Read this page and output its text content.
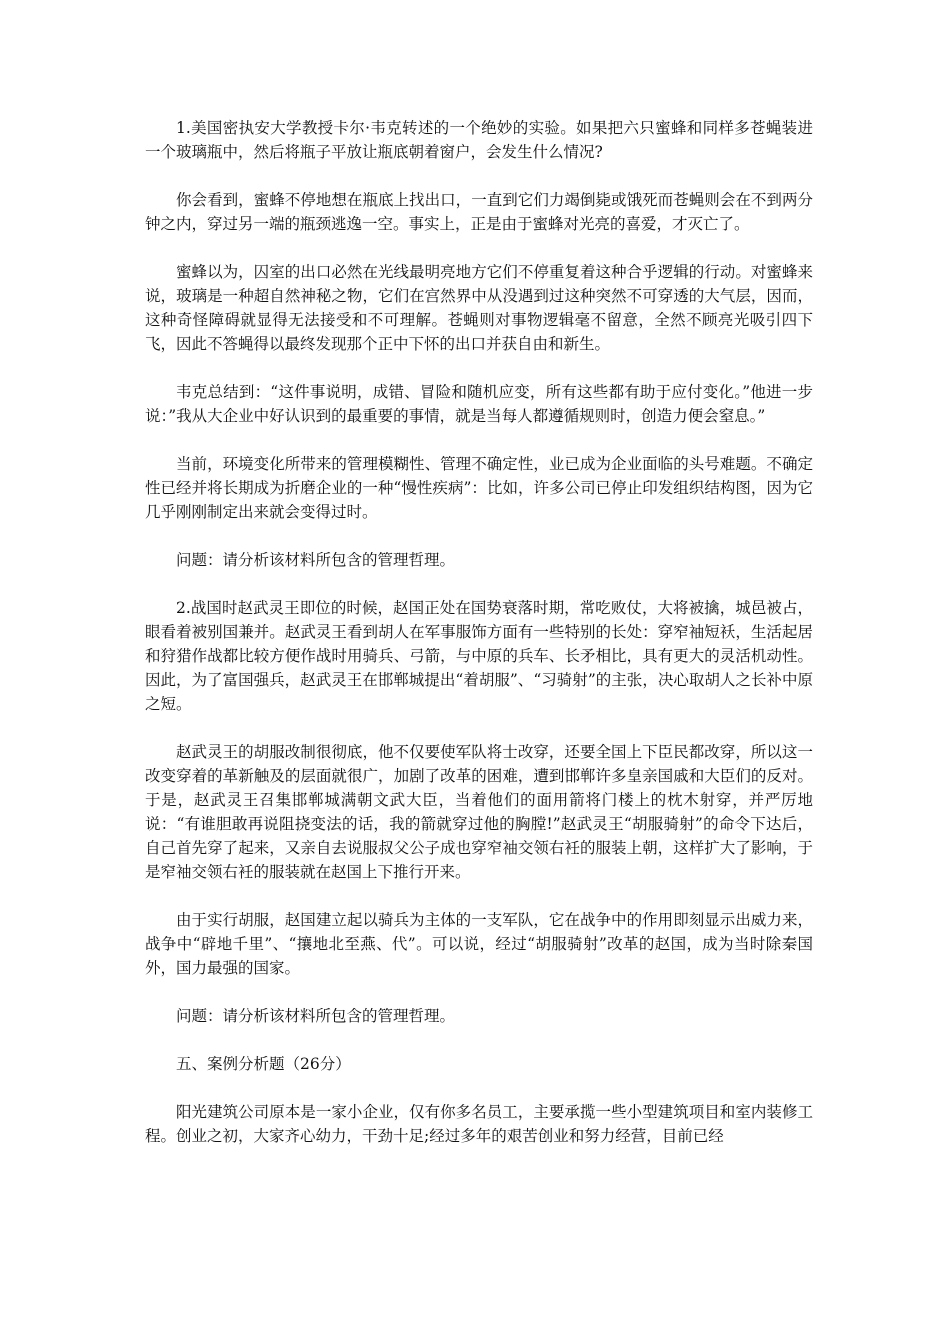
1.美国密执安大学教授卡尔·韦克转述的一个绝妙的实验。如果把六只蜜蜂和同样多苍蝇装进一个玻璃瓶中，然后将瓶子平放让瓶底朝着窗户，会发生什么情况?

你会看到，蜜蜂不停地想在瓶底上找出口，一直到它们力竭倒毙或饿死而苍蝇则会在不到两分钟之内，穿过另一端的瓶颈逃逸一空。事实上，正是由于蜜蜂对光亮的喜爱，才灭亡了。

蜜蜂以为，囚室的出口必然在光线最明亮地方它们不停重复着这种合乎逻辑的行动。对蜜蜂来说，玻璃是一种超自然神秘之物，它们在宫然界中从没遇到过这种突然不可穿透的大气层，因而，这种奇怪障碍就显得无法接受和不可理解。苍蝇则对事物逻辑毫不留意，全然不顾亮光吸引四下飞，因此不答蝇得以最终发现那个正中下怀的出口并获自由和新生。

韦克总结到：“这件事说明，成错、冒险和随机应变，所有这些都有助于应付变化。”他进一步说：”我从大企业中好认识到的最重要的事情，就是当每人都遵循规则时，创造力便会窒息。”

当前，环境变化所带来的管理模糊性、管理不确定性，业已成为企业面临的头号难题。不确定性已经并将长期成为折磨企业的一种“慢性疾病”：比如，许多公司已停止印发组织结构图，因为它几乎刚刚制定出来就会变得过时。

问题：请分析该材料所包含的管理哲理。

2.战国时赵武灵王即位的时候，赵国正处在国势衰落时期，常吃败仗，大将被擒，城邑被占，眼看着被别国兼并。赵武灵王看到胡人在军事服饰方面有一些特别的长处：穿窄袖短袄，生活起居和狩猎作战都比较方便作战时用骑兵、弓箭，与中原的兵车、长矛相比，具有更大的灵活机动性。因此，为了富国强兵，赵武灵王在邯郸城提出“着胡服”、“习骑射”的主张，决心取胡人之长补中原之短。

赵武灵王的胡服改制很彻底，他不仅要使军队将士改穿，还要全国上下臣民都改穿，所以这一改变穿着的革新触及的层面就很广，加剧了改革的困难，遭到邯郸许多皇亲国戚和大臣们的反对。于是，赵武灵王召集邯郸城满朝文武大臣，当着他们的面用箭将门楼上的枕木射穿，并严厉地说：“有谁胆敢再说阻挠变法的话，我的箭就穿过他的胸膛!”赵武灵王“胡服骑射”的命令下达后，自己首先穿了起来，又亲自去说服叔父公子成也穿窄袖交领右衽的服装上朝，这样扩大了影响，于是窄袖交领右衽的服装就在赵国上下推行开来。

由于实行胡服，赵国建立起以骑兵为主体的一支军队，它在战争中的作用即刻显示出威力来，战争中“辟地千里”、“攘地北至燕、代”。可以说，经过“胡服骑射”改革的赵国，成为当时除秦国外，国力最强的国家。

问题：请分析该材料所包含的管理哲理。

五、案例分析题（26分）

阳光建筑公司原本是一家小企业，仅有你多名员工，主要承揽一些小型建筑项目和室内装修工程。创业之初，大家齐心幼力，干劲十足;经过多年的艰苦创业和努力经营，目前已经
